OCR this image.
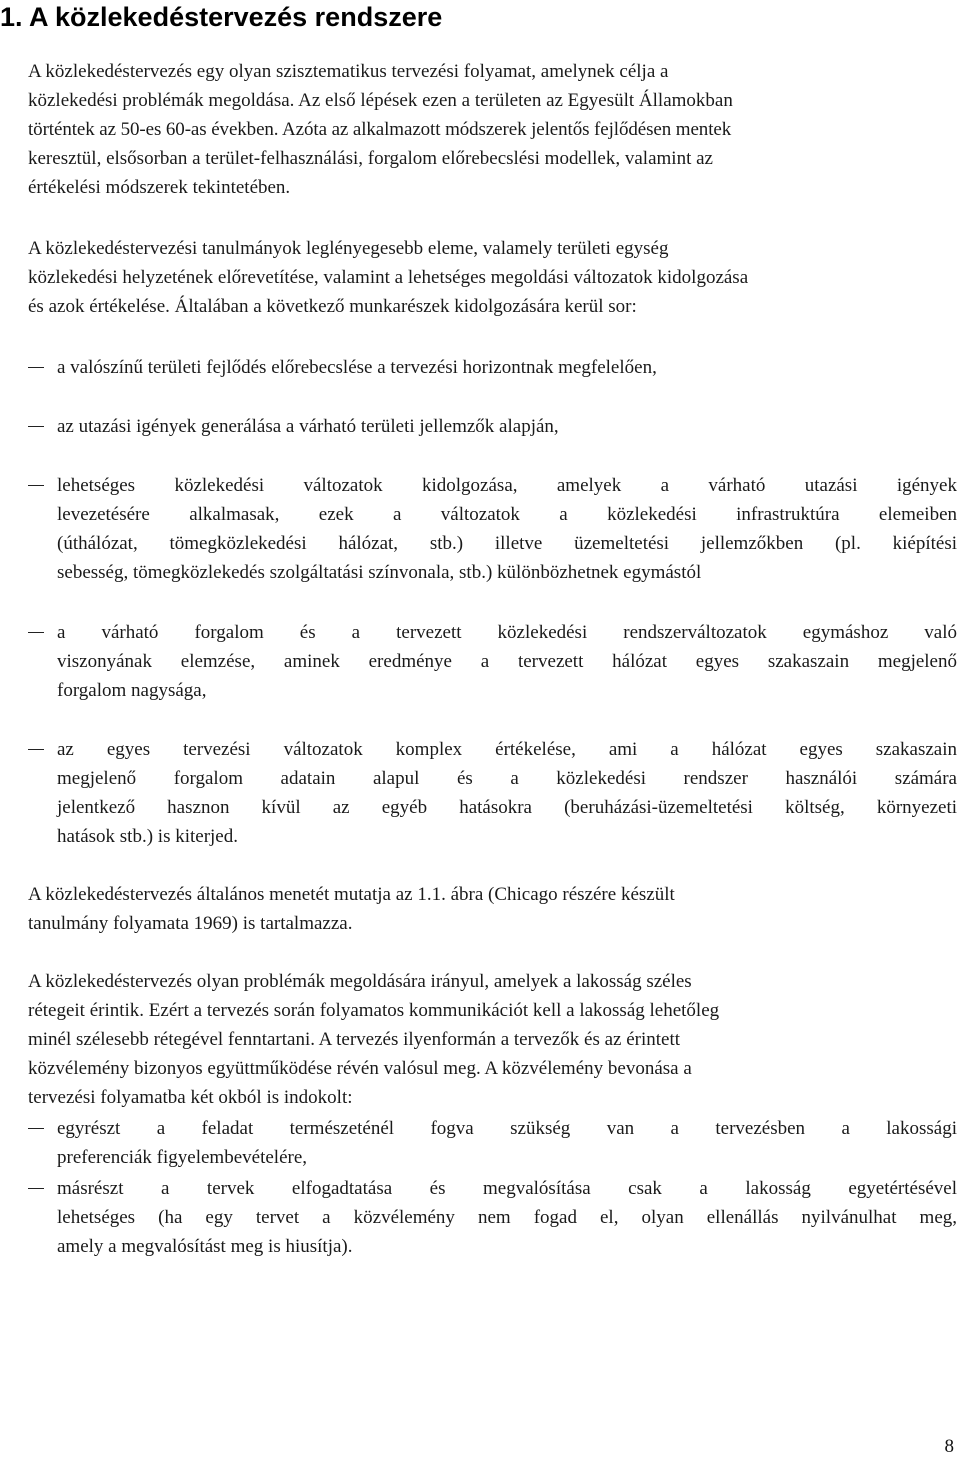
1. A közlekedéstervezés rendszere

A közlekedéstervezés egy olyan szisztematikus tervezési folyamat, amelynek célja a
közlekedési problémák megoldása. Az első lépések ezen a területen az Egyesült Államokban
történtek az 50-es 60-as években. Azóta az alkalmazott módszerek jelentős fejlődésen mentek
keresztül, elsősorban a terület-felhasználási, forgalom előrebecslési modellek, valamint az
értékelési módszerek tekintetében.

A közlekedéstervezési tanulmányok leglényegesebb eleme, valamely területi egység
közlekedési helyzetének előrevetítése, valamint a lehetséges megoldási változatok kidolgozása
és azok értékelése. Általában a következő munkarészek kidolgozására kerül sor:

a valószínű területi fejlődés előrebecslése a tervezési horizontnak megfelelően,
az utazási igények generálása a várható területi jellemzők alapján,
lehetséges közlekedési változatok kidolgozása, amelyek a várható utazási igények
levezetésére alkalmasak, ezek a változatok a közlekedési infrastruktúra elemeiben
(úthálózat, tömegközlekedési hálózat, stb.) illetve üzemeltetési jellemzőkben (pl. kiépítési
sebesség, tömegközlekedés szolgáltatási színvonala, stb.) különbözhetnek egymástól
a várható forgalom és a tervezett közlekedési rendszerváltozatok egymáshoz való
viszonyának elemzése, aminek eredménye a tervezett hálózat egyes szakaszain megjelenő
forgalom nagysága,
az egyes tervezési változatok komplex értékelése, ami a hálózat egyes szakaszain
megjelenő forgalom adatain alapul és a közlekedési rendszer használói számára
jelentkező hasznon kívül az egyéb hatásokra (beruházási-üzemeltetési költség, környezeti
hatások stb.) is kiterjed.

A közlekedéstervezés általános menetét mutatja az 1.1. ábra (Chicago részére készült
tanulmány folyamata 1969) is tartalmazza.

A közlekedéstervezés olyan problémák megoldására irányul, amelyek a lakosság széles
rétegeit érintik. Ezért a tervezés során folyamatos kommunikációt kell a lakosság lehetőleg
minél szélesebb rétegével fenntartani. A tervezés ilyenformán a tervezők és az érintett
közvélemény bizonyos együttműködése révén valósul meg. A közvélemény bevonása a
tervezési folyamatba két okból is indokolt:

egyrészt a feladat természeténél fogva szükség van a tervezésben a lakossági
preferenciák figyelembevételére,
másrészt a tervek elfogadtatása és megvalósítása csak a lakosság egyetértésével
lehetséges (ha egy tervet a közvélemény nem fogad el, olyan ellenállás nyilvánulhat meg,
amely a megvalósítást meg is hiusítja).
8
